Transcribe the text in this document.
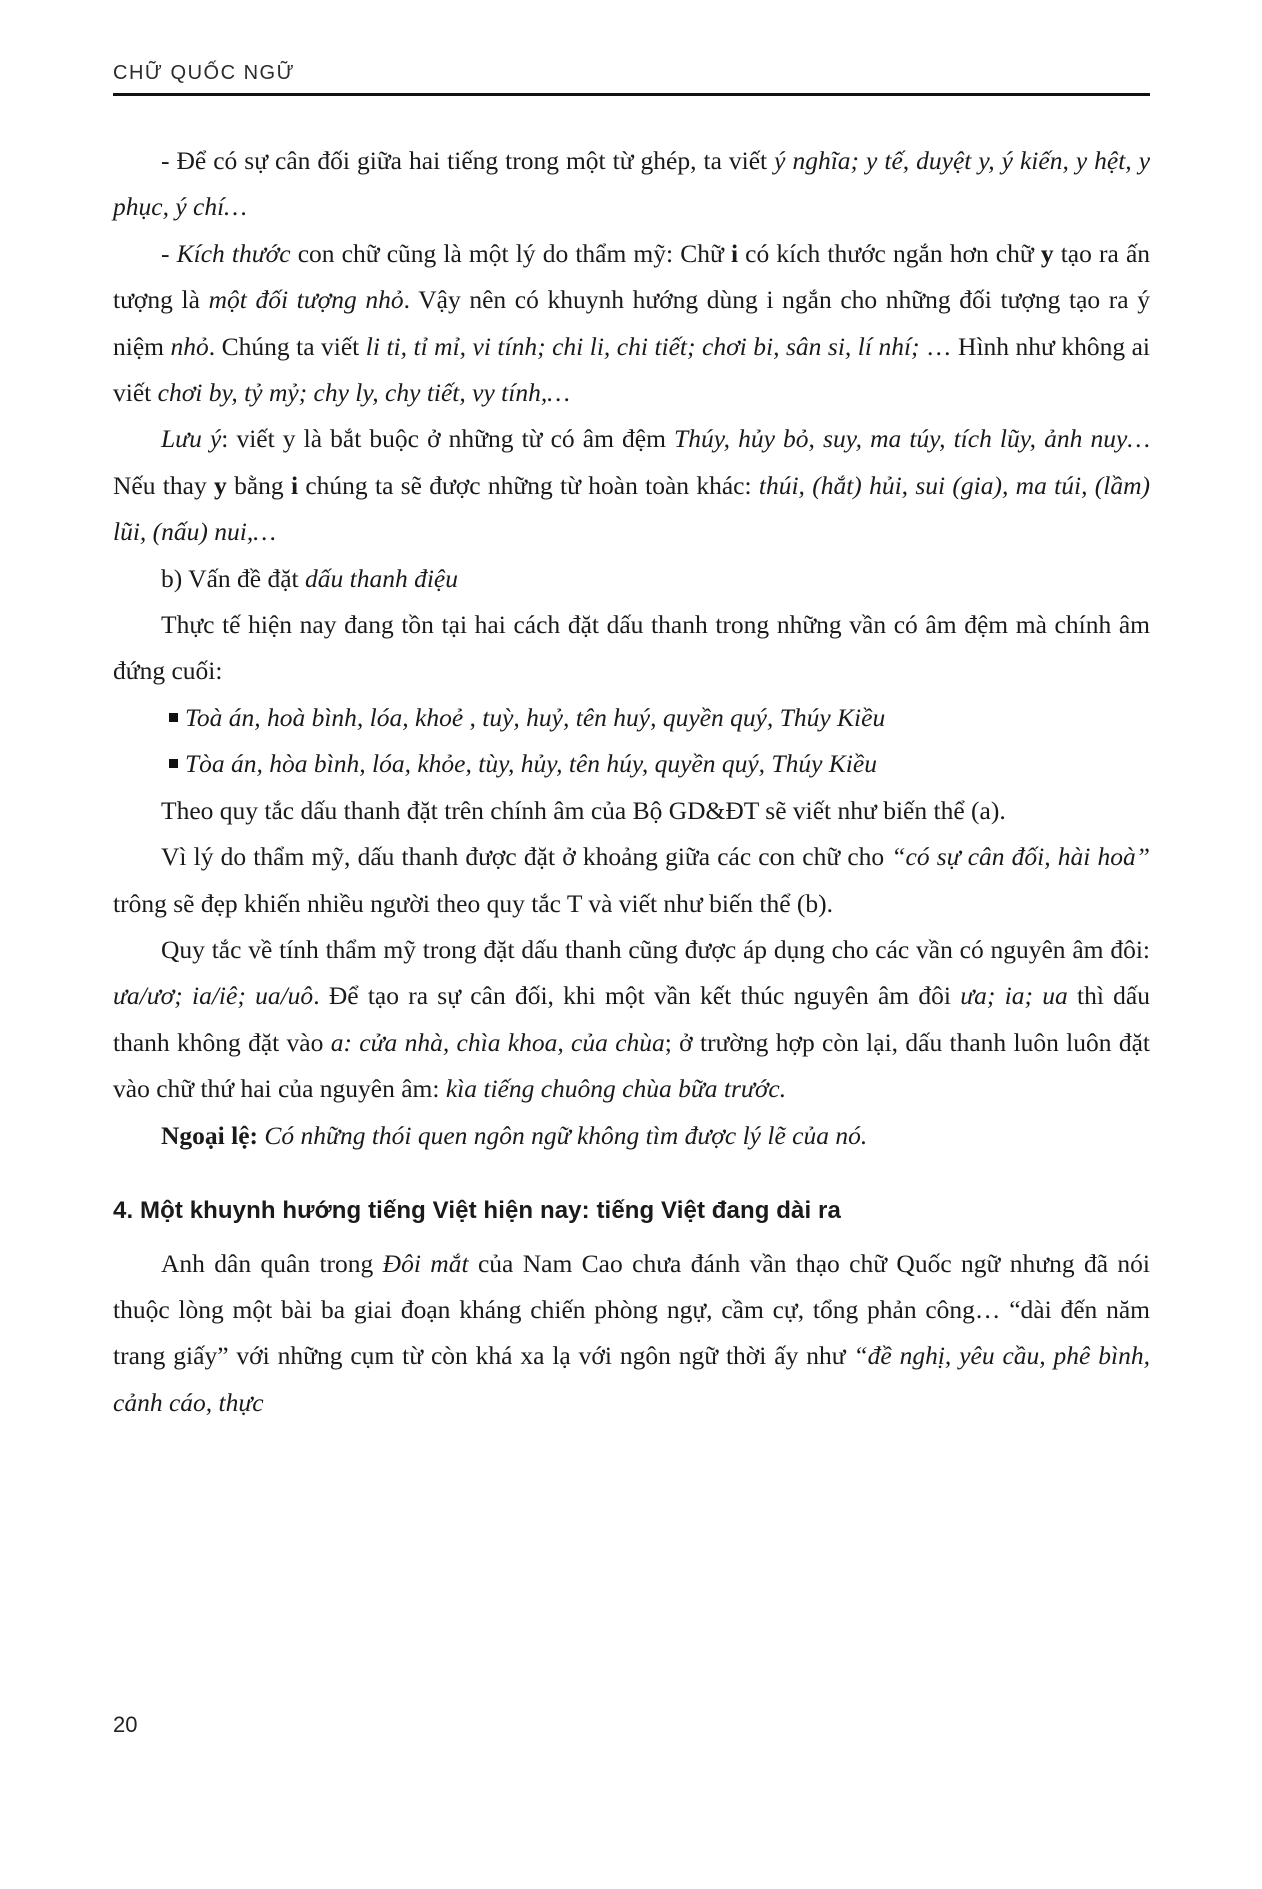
CHỮ QUỐC NGỮ

- Để có sự cân đối giữa hai tiếng trong một từ ghép, ta viết ý nghĩa; y tế, duyệt y, ý kiến, y hệt, y phục, ý chí…

- Kích thước con chữ cũng là một lý do thẩm mỹ: Chữ i có kích thước ngắn hơn chữ y tạo ra ấn tượng là một đối tượng nhỏ. Vậy nên có khuynh hướng dùng i ngắn cho những đối tượng tạo ra ý niệm nhỏ. Chúng ta viết li ti, tỉ mỉ, vi tính; chi li, chi tiết; chơi bi, sân si, lí nhí; … Hình như không ai viết chơi by, tỷ mỷ; chy ly, chy tiết, vy tính,…

Lưu ý: viết y là bắt buộc ở những từ có âm đệm Thúy, hủy bỏ, suy, ma túy, tích lũy, ảnh nuy… Nếu thay y bằng i chúng ta sẽ được những từ hoàn toàn khác: thúi, (hắt) hủi, sui (gia), ma túi, (lầm) lũi, (nấu) nui,…

b) Vấn đề đặt dấu thanh điệu

Thực tế hiện nay đang tồn tại hai cách đặt dấu thanh trong những vần có âm đệm mà chính âm đứng cuối:

Toà án, hoà bình, lóa, khoẻ , tuỳ, huỷ, tên huý, quyền quý, Thúy Kiều
Tòa án, hòa bình, lóa, khỏe, tùy, hủy, tên húy, quyền quý, Thúy Kiều

Theo quy tắc dấu thanh đặt trên chính âm của Bộ GD&ĐT sẽ viết như biến thể (a).

Vì lý do thẩm mỹ, dấu thanh được đặt ở khoảng giữa các con chữ cho “có sự cân đối, hài hoà” trông sẽ đẹp khiến nhiều người theo quy tắc T và viết như biến thể (b).

Quy tắc về tính thẩm mỹ trong đặt dấu thanh cũng được áp dụng cho các vần có nguyên âm đôi: ưa/ươ; ia/iê; ua/uô. Để tạo ra sự cân đối, khi một vần kết thúc nguyên âm đôi ưa; ia; ua thì dấu thanh không đặt vào a: cửa nhà, chìa khoa, của chùa; ở trường hợp còn lại, dấu thanh luôn luôn đặt vào chữ thứ hai của nguyên âm: kìa tiếng chuông chùa bữa trước.

Ngoại lệ: Có những thói quen ngôn ngữ không tìm được lý lẽ của nó.

4. Một khuynh hướng tiếng Việt hiện nay: tiếng Việt đang dài ra

Anh dân quân trong Đôi mắt của Nam Cao chưa đánh vần thạo chữ Quốc ngữ nhưng đã nói thuộc lòng một bài ba giai đoạn kháng chiến phòng ngự, cầm cự, tổng phản công… “dài đến năm trang giấy” với những cụm từ còn khá xa lạ với ngôn ngữ thời ấy như “đề nghị, yêu cầu, phê bình, cảnh cáo, thực

20
